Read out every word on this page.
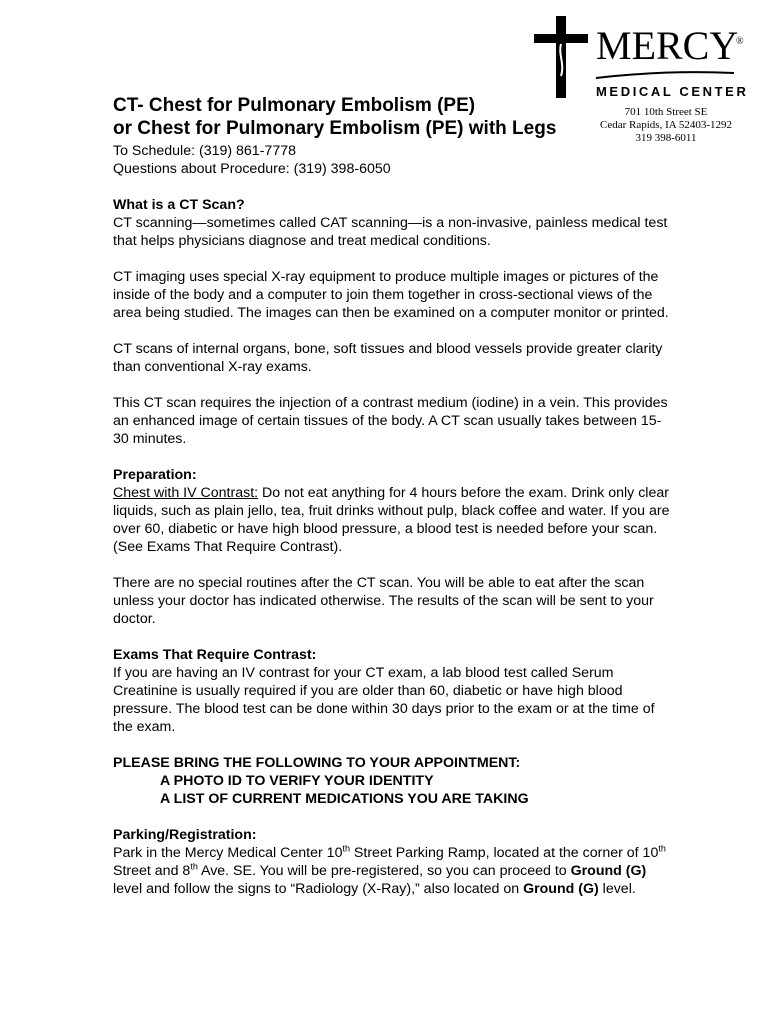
MERCY
®
MEDICAL CENTER
701 10th Street SE
Cedar Rapids, IA 52403-1292
319 398-6011
CT- Chest for Pulmonary Embolism (PE)
or Chest for Pulmonary Embolism (PE) with Legs
To Schedule: (319) 861-7778
Questions about Procedure: (319) 398-6050
What is a CT Scan?

CT scanning—sometimes called CAT scanning—is a non-invasive, painless medical test that helps physicians diagnose and treat medical conditions.

CT imaging uses special X-ray equipment to produce multiple images or pictures of the inside of the body and a computer to join them together in cross-sectional views of the area being studied. The images can then be examined on a computer monitor or printed.

CT scans of internal organs, bone, soft tissues and blood vessels provide greater clarity than conventional X-ray exams.

This CT scan requires the injection of a contrast medium (iodine) in a vein. This provides an enhanced image of certain tissues of the body. A CT scan usually takes between 15-30 minutes.

Preparation:

Chest with IV Contrast: Do not eat anything for 4 hours before the exam. Drink only clear liquids, such as plain jello, tea, fruit drinks without pulp, black coffee and water. If you are over 60, diabetic or have high blood pressure, a blood test is needed before your scan. (See Exams That Require Contrast).

There are no special routines after the CT scan. You will be able to eat after the scan unless your doctor has indicated otherwise. The results of the scan will be sent to your doctor.

Exams That Require Contrast:

If you are having an IV contrast for your CT exam, a lab blood test called Serum Creatinine is usually required if you are older than 60, diabetic or have high blood pressure. The blood test can be done within 30 days prior to the exam or at the time of the exam.

PLEASE BRING THE FOLLOWING TO YOUR APPOINTMENT:
A PHOTO ID TO VERIFY YOUR IDENTITY
A LIST OF CURRENT MEDICATIONS YOU ARE TAKING
Parking/Registration:

Park in the Mercy Medical Center 10th Street Parking Ramp, located at the corner of 10th Street and 8th Ave. SE. You will be pre-registered, so you can proceed to Ground (G) level and follow the signs to “Radiology (X-Ray),” also located on Ground (G) level.
